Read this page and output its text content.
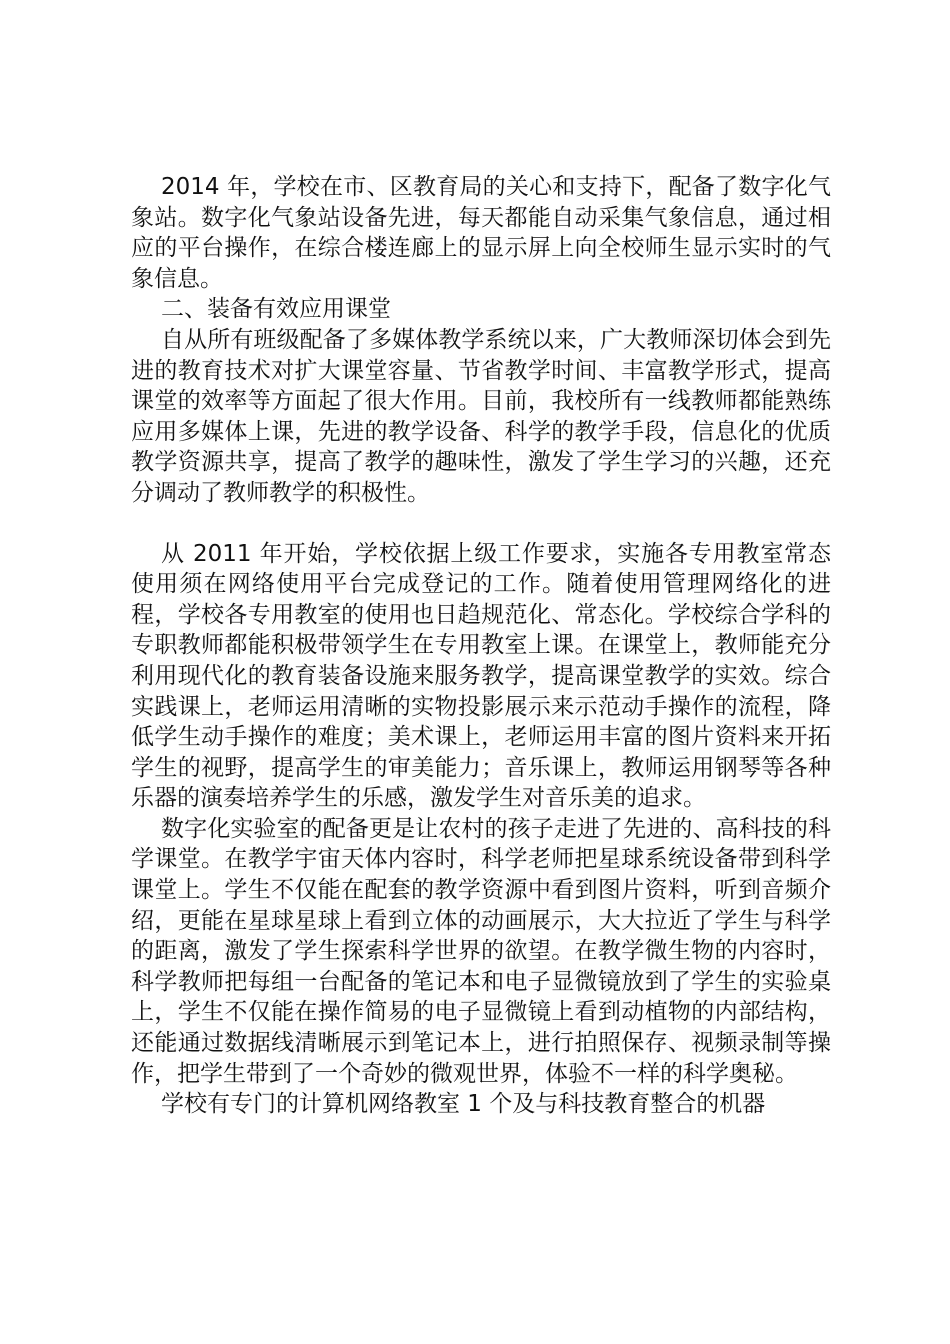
2014 年，学校在市、区教育局的关心和支持下，配备了数字化气象站。数字化气象站设备先进，每天都能自动采集气象信息，通过相应的平台操作，在综合楼连廊上的显示屏上向全校师生显示实时的气象信息。

二、装备有效应用课堂

自从所有班级配备了多媒体教学系统以来，广大教师深切体会到先进的教育技术对扩大课堂容量、节省教学时间、丰富教学形式，提高课堂的效率等方面起了很大作用。目前，我校所有一线教师都能熟练应用多媒体上课，先进的教学设备、科学的教学手段，信息化的优质教学资源共享，提高了教学的趣味性，激发了学生学习的兴趣，还充分调动了教师教学的积极性。

从 2011 年开始，学校依据上级工作要求，实施各专用教室常态使用须在网络使用平台完成登记的工作。随着使用管理网络化的进程，学校各专用教室的使用也日趋规范化、常态化。学校综合学科的专职教师都能积极带领学生在专用教室上课。在课堂上，教师能充分利用现代化的教育装备设施来服务教学，提高课堂教学的实效。综合实践课上，老师运用清晰的实物投影展示来示范动手操作的流程，降低学生动手操作的难度；美术课上，老师运用丰富的图片资料来开拓学生的视野，提高学生的审美能力；音乐课上，教师运用钢琴等各种乐器的演奏培养学生的乐感，激发学生对音乐美的追求。

数字化实验室的配备更是让农村的孩子走进了先进的、高科技的科学课堂。在教学宇宙天体内容时，科学老师把星球系统设备带到科学课堂上。学生不仅能在配套的教学资源中看到图片资料，听到音频介绍，更能在星球星球上看到立体的动画展示，大大拉近了学生与科学的距离，激发了学生探索科学世界的欲望。在教学微生物的内容时，科学教师把每组一台配备的笔记本和电子显微镜放到了学生的实验桌上，学生不仅能在操作简易的电子显微镜上看到动植物的内部结构，还能通过数据线清晰展示到笔记本上，进行拍照保存、视频录制等操作，把学生带到了一个奇妙的微观世界，体验不一样的科学奥秘。

学校有专门的计算机网络教室 1 个及与科技教育整合的机器
